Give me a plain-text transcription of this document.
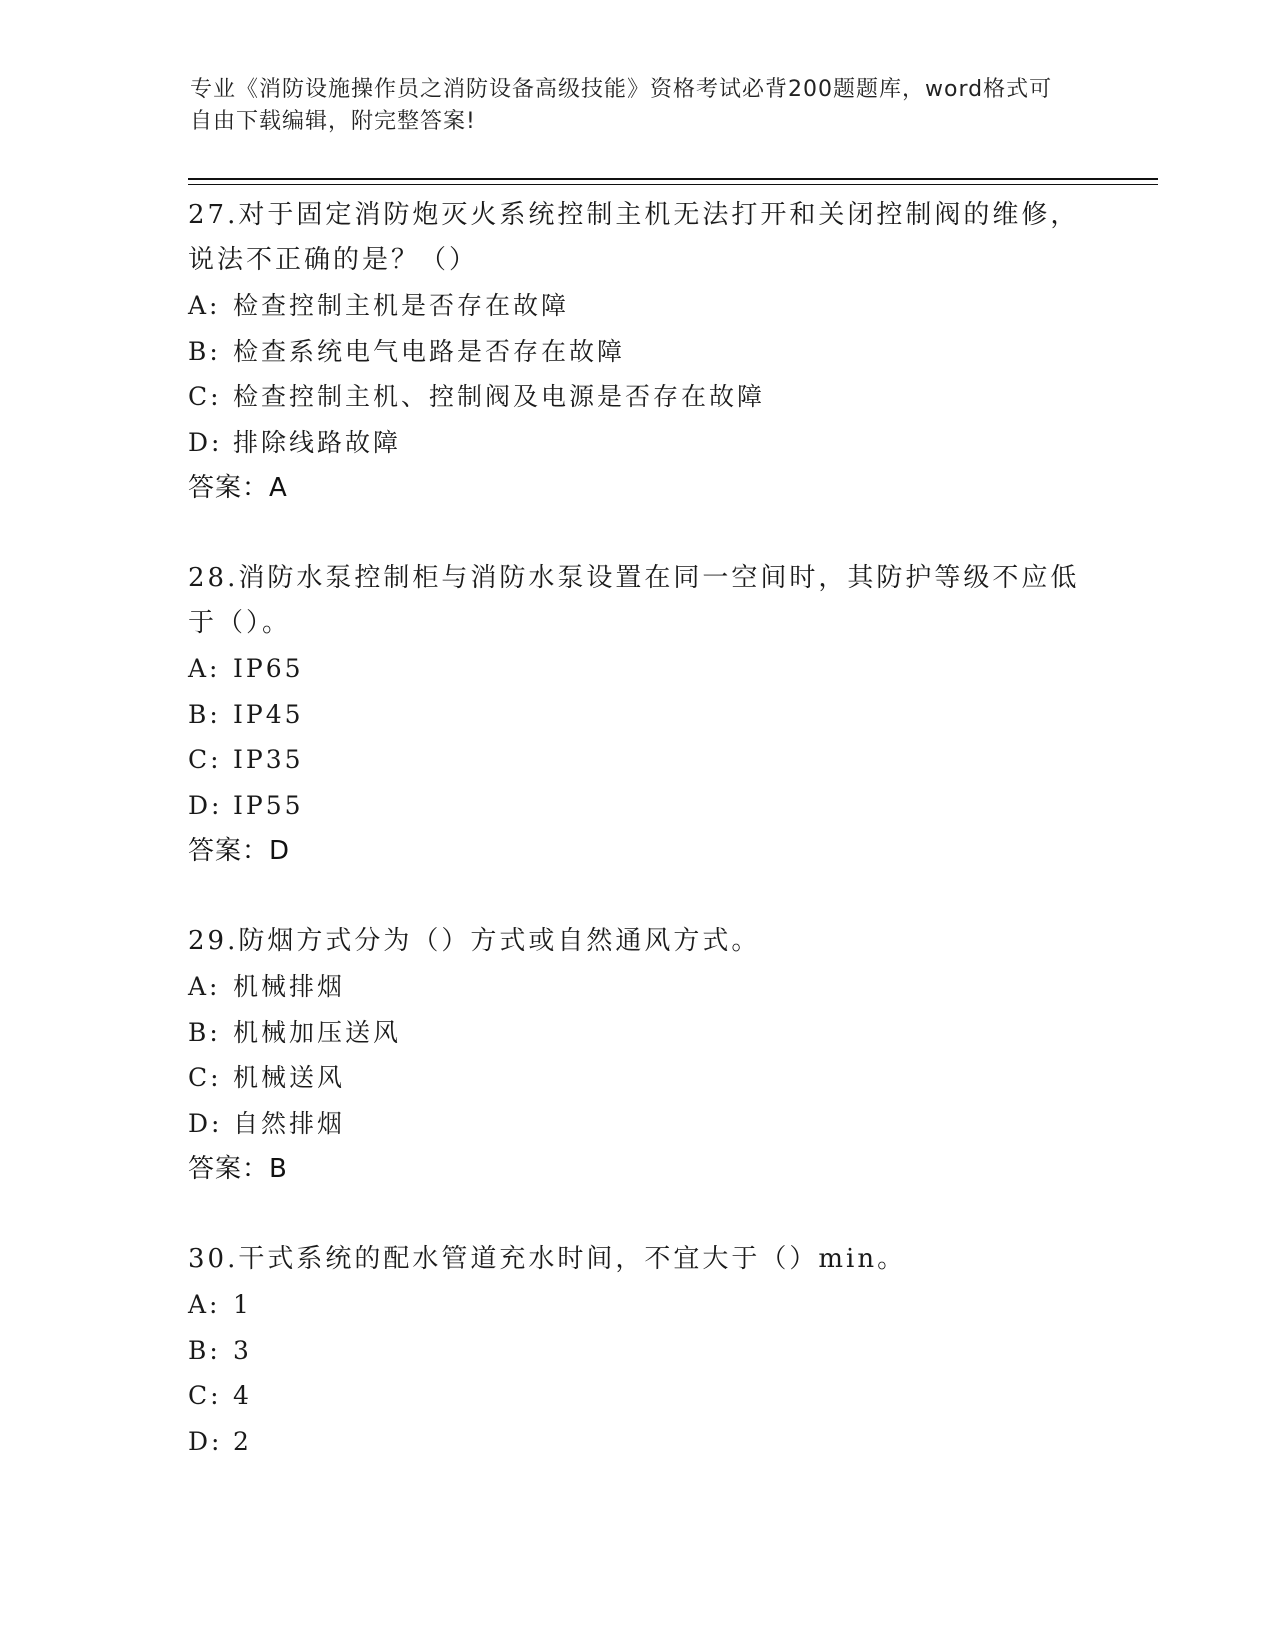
专业《消防设施操作员之消防设备高级技能》资格考试必背200题题库，word格式可自由下载编辑，附完整答案!

27.对于固定消防炮灭火系统控制主机无法打开和关闭控制阀的维修，说法不正确的是？（）

A: 检查控制主机是否存在故障

B: 检查系统电气电路是否存在故障

C: 检查控制主机、控制阀及电源是否存在故障

D: 排除线路故障

答案：A

28.消防水泵控制柜与消防水泵设置在同一空间时，其防护等级不应低于（）。

A: IP65

B: IP45

C: IP35

D: IP55

答案：D

29.防烟方式分为（）方式或自然通风方式。

A: 机械排烟

B: 机械加压送风

C: 机械送风

D: 自然排烟

答案：B

30.干式系统的配水管道充水时间，不宜大于（）min。

A: 1

B: 3

C: 4

D: 2
